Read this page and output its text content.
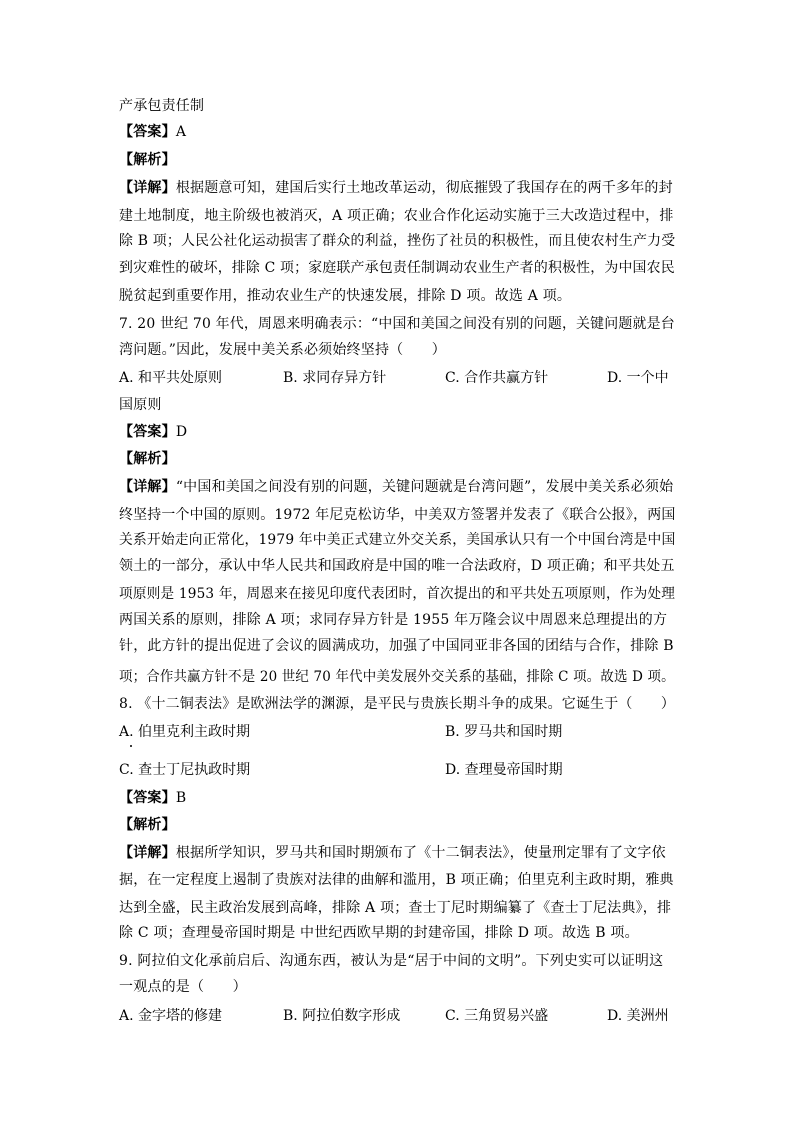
产承包责任制
【答案】A
【解析】
【详解】根据题意可知，建国后实行土地改革运动，彻底摧毁了我国存在的两千多年的封
建土地制度，地主阶级也被消灭，A 项正确；农业合作化运动实施于三大改造过程中，排
除 B 项；人民公社化运动损害了群众的利益，挫伤了社员的积极性，而且使农村生产力受
到灾难性的破坏，排除 C 项；家庭联产承包责任制调动农业生产者的积极性，为中国农民
脱贫起到重要作用，推动农业生产的快速发展，排除 D 项。故选 A 项。
7. 20 世纪 70 年代，周恩来明确表示：“中国和美国之间没有别的问题，关键问题就是台
湾问题。”因此，发展中美关系必须始终坚持（　　）
A. 和平共处原则	B. 求同存异方针	C. 合作共赢方针	D. 一个中
国原则
【答案】D
【解析】
【详解】“中国和美国之间没有别的问题，关键问题就是台湾问题”，发展中美关系必须始
终坚持一个中国的原则。1972 年尼克松访华，中美双方签署并发表了《联合公报》，两国
关系开始走向正常化，1979 年中美正式建立外交关系，美国承认只有一个中国台湾是中国
领土的一部分，承认中华人民共和国政府是中国的唯一合法政府，D 项正确；和平共处五
项原则是 1953 年，周恩来在接见印度代表团时，首次提出的和平共处五项原则，作为处理
两国关系的原则，排除 A 项；求同存异方针是 1955 年万隆会议中周恩来总理提出的方
针，此方针的提出促进了会议的圆满成功，加强了中国同亚非各国的团结与合作，排除 B
项；合作共赢方针不是 20 世纪 70 年代中美发展外交关系的基础，排除 C 项。故选 D 项。
8. 《十二铜表法》是欧洲法学的渊源，是平民与贵族长期斗争的成果。它诞生于（　　）
A. 伯里克利主政时期	B. 罗马共和国时期
C. 查士丁尼执政时期	D. 查理曼帝国时期
【答案】B
【解析】
【详解】根据所学知识，罗马共和国时期颁布了《十二铜表法》，使量刑定罪有了文字依
据，在一定程度上遏制了贵族对法律的曲解和滥用，B 项正确；伯里克利主政时期，雅典
达到全盛，民主政治发展到高峰，排除 A 项；查士丁尼时期编纂了《查士丁尼法典》，排
除 C 项；查理曼帝国时期是 中世纪西欧早期的封建帝国，排除 D 项。故选 B 项。
9. 阿拉伯文化承前启后、沟通东西，被认为是“居于中间的文明”。下列史实可以证明这
一观点的是（　　）
A. 金字塔的修建	B. 阿拉伯数字形成	C. 三角贸易兴盛	D. 美洲州
